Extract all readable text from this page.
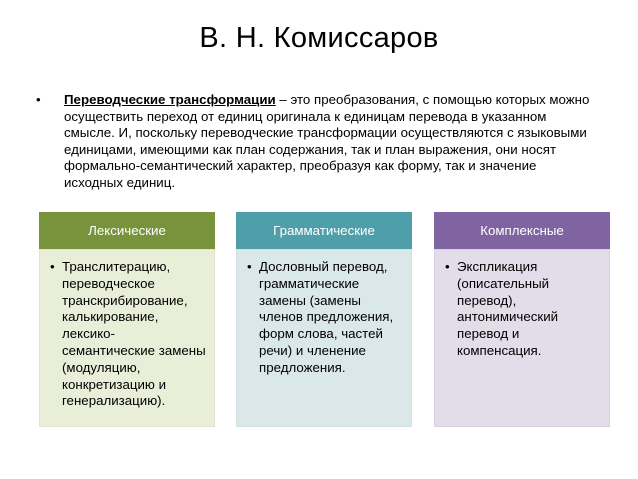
В. Н. Комиссаров
• Переводческие трансформации – это преобразования, с помощью которых можно осуществить переход от единиц оригинала к единицам перевода в указанном смысле. И, поскольку переводческие трансформации осуществляются с языковыми единицами, имеющими как план содержания, так и план выражения, они носят формально-семантический характер, преобразуя как форму, так и значение исходных единиц.
Лексические
• Транслитерацию, переводческое транскрибирование, калькирование, лексико-семантические замены (модуляцию, конкретизацию и генерализацию).
Грамматические
• Дословный перевод, грамматические замены (замены членов предложения, форм слова, частей речи) и членение предложения.
Комплексные
• Экспликация (описательный перевод), антонимический перевод и компенсация.
